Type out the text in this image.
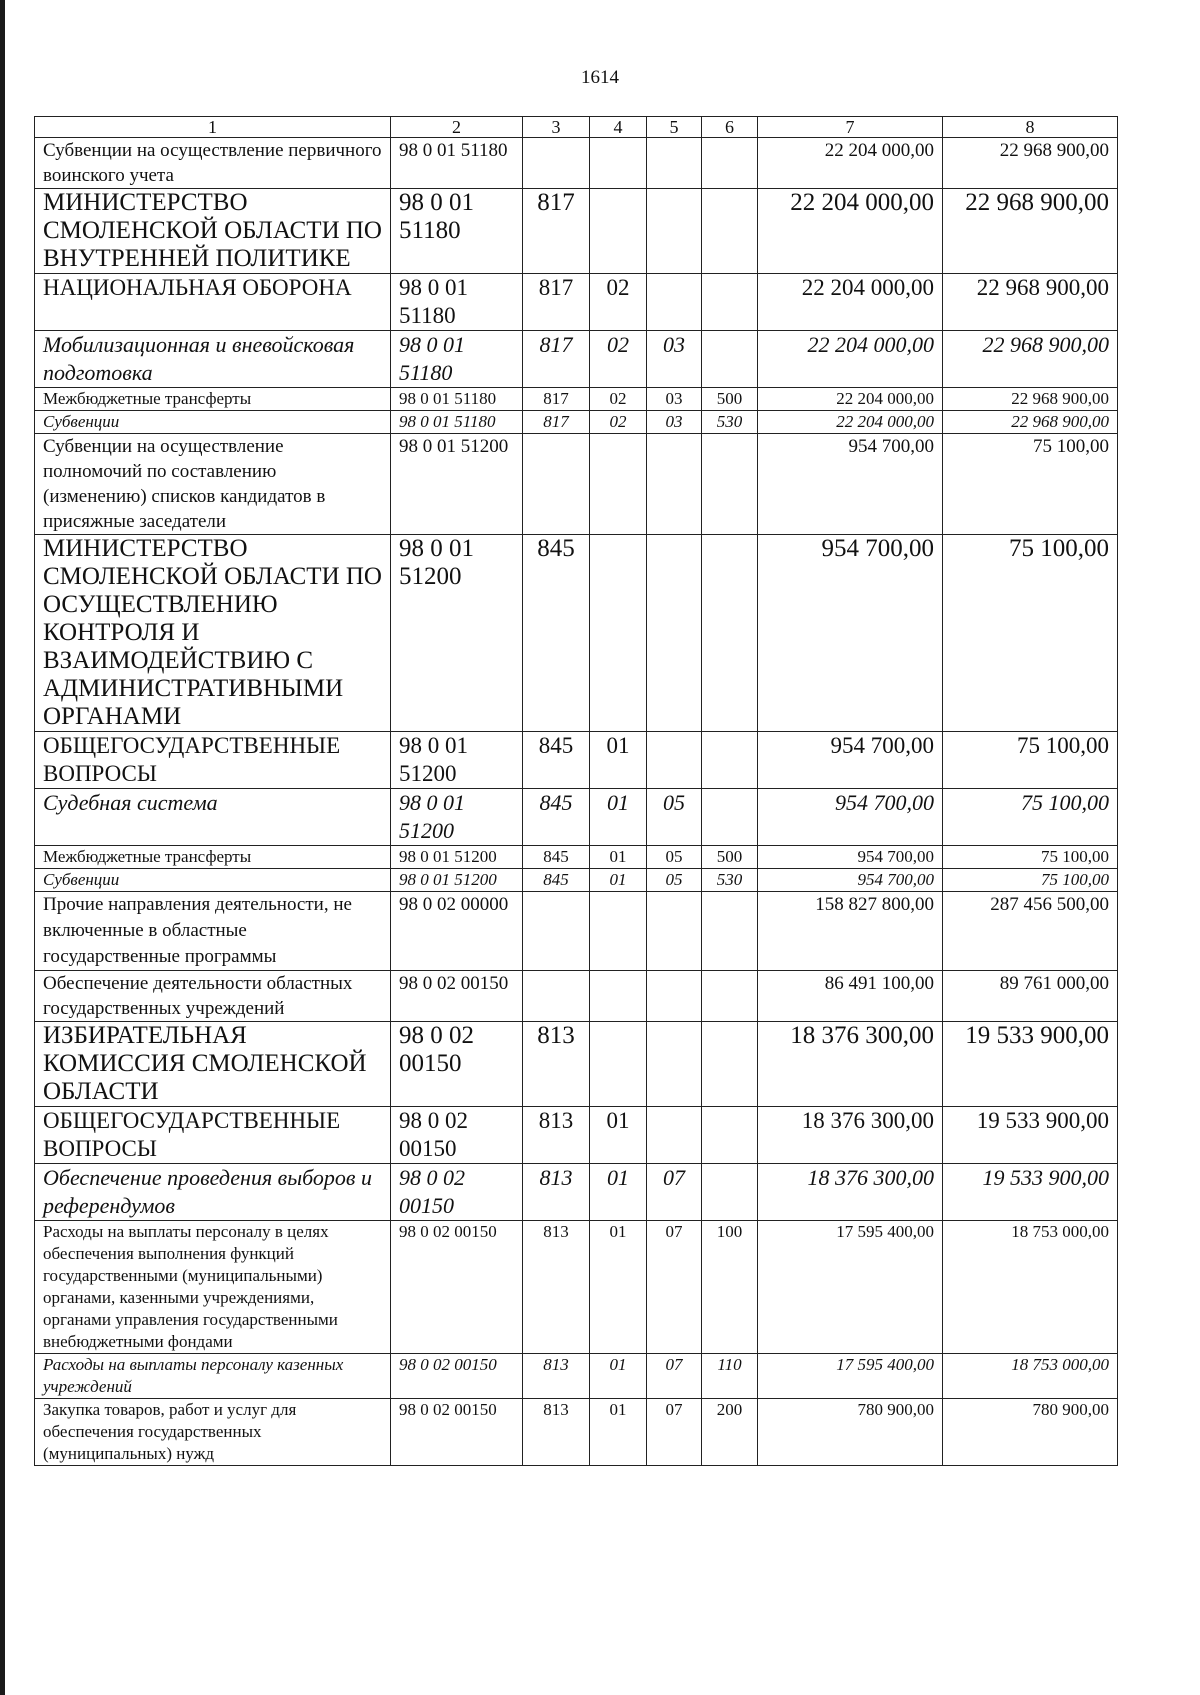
1614
1	2	3	4	5	6	7	8
Субвенции на осуществление первичного воинского учета	98 0 01 51180					22 204 000,00	22 968 900,00
МИНИСТЕРСТВО СМОЛЕНСКОЙ ОБЛАСТИ ПО ВНУТРЕННЕЙ ПОЛИТИКЕ	98 0 01 51180	817				22 204 000,00	22 968 900,00
НАЦИОНАЛЬНАЯ ОБОРОНА	98 0 01 51180	817	02			22 204 000,00	22 968 900,00
Мобилизационная и вневойсковая подготовка	98 0 01 51180	817	02	03		22 204 000,00	22 968 900,00
Межбюджетные трансферты	98 0 01 51180	817	02	03	500	22 204 000,00	22 968 900,00
Субвенции	98 0 01 51180	817	02	03	530	22 204 000,00	22 968 900,00
Субвенции на осуществление полномочий по составлению (изменению) списков кандидатов в присяжные заседатели	98 0 01 51200					954 700,00	75 100,00
МИНИСТЕРСТВО СМОЛЕНСКОЙ ОБЛАСТИ ПО ОСУЩЕСТВЛЕНИЮ КОНТРОЛЯ И ВЗАИМОДЕЙСТВИЮ С АДМИНИСТРАТИВНЫМИ ОРГАНАМИ	98 0 01 51200	845				954 700,00	75 100,00
ОБЩЕГОСУДАРСТВЕННЫЕ ВОПРОСЫ	98 0 01 51200	845	01			954 700,00	75 100,00
Судебная система	98 0 01 51200	845	01	05		954 700,00	75 100,00
Межбюджетные трансферты	98 0 01 51200	845	01	05	500	954 700,00	75 100,00
Субвенции	98 0 01 51200	845	01	05	530	954 700,00	75 100,00
Прочие направления деятельности, не включенные в областные государственные программы	98 0 02 00000					158 827 800,00	287 456 500,00
Обеспечение деятельности областных государственных учреждений	98 0 02 00150					86 491 100,00	89 761 000,00
ИЗБИРАТЕЛЬНАЯ КОМИССИЯ СМОЛЕНСКОЙ ОБЛАСТИ	98 0 02 00150	813				18 376 300,00	19 533 900,00
ОБЩЕГОСУДАРСТВЕННЫЕ ВОПРОСЫ	98 0 02 00150	813	01			18 376 300,00	19 533 900,00
Обеспечение проведения выборов и референдумов	98 0 02 00150	813	01	07		18 376 300,00	19 533 900,00
Расходы на выплаты персоналу в целях обеспечения выполнения функций государственными (муниципальными) органами, казенными учреждениями, органами управления государственными внебюджетными фондами	98 0 02 00150	813	01	07	100	17 595 400,00	18 753 000,00
Расходы на выплаты персоналу казенных учреждений	98 0 02 00150	813	01	07	110	17 595 400,00	18 753 000,00
Закупка товаров, работ и услуг для обеспечения государственных (муниципальных) нужд	98 0 02 00150	813	01	07	200	780 900,00	780 900,00
